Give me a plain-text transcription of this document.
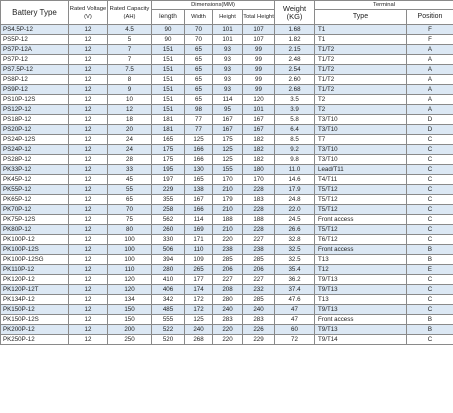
Battery Type	Rated Voltage (V)	Rated Capacity (AH)	Dimensions(MM)				Weight (KG)	Terminal	
			length	Width	Height	Total Height		Type	Position
PS4.5P-12	12	4.5	90	70	101	107	1.68	T1	F
PS5P-12	12	5	90	70	101	107	1.82	T1	F
PS7P-12A	12	7	151	65	93	99	2.15	T1/T2	A
PS7P-12	12	7	151	65	93	99	2.48	T1/T2	A
PS7.5P-12	12	7.5	151	65	93	99	2.54	T1/T2	A
PS8P-12	12	8	151	65	93	99	2.60	T1/T2	A
PS9P-12	12	9	151	65	93	99	2.68	T1/T2	A
PS10P-12S	12	10	151	65	114	120	3.5	T2	A
PS12P-12	12	12	151	98	95	101	3.9	T2	A
PS18P-12	12	18	181	77	167	167	5.8	T3/T10	D
PS20P-12	12	20	181	77	167	167	6.4	T3/T10	D
PS24P-12S	12	24	165	125	175	182	8.5	T7	C
PS24P-12	12	24	175	166	125	182	9.2	T3/T10	C
PS28P-12	12	28	175	166	125	182	9.8	T3/T10	C
PK33P-12	12	33	195	130	155	180	11.0	Lead/T11	C
PK45P-12	12	45	197	165	170	170	14.6	T4/T11	C
PK55P-12	12	55	229	138	210	228	17.9	T5/T12	C
PK65P-12	12	65	355	167	179	183	24.8	T5/T12	C
PK70P-12	12	70	258	166	210	228	22.0	T5/T12	C
PK75P-12S	12	75	562	114	188	188	24.5	Front access	C
PK80P-12	12	80	260	169	210	228	26.6	T5/T12	C
PK100P-12	12	100	330	171	220	227	32.8	T6/T12	C
PK100P-12S	12	100	506	110	238	238	32.5	Front access	B
PK100P-12SG	12	100	394	109	285	285	32.5	T13	B
PK110P-12	12	110	280	265	206	206	35.4	T12	E
PK120P-12	12	120	410	177	227	227	36.2	T9/T13	C
PK120P-12T	12	120	406	174	208	232	37.4	T9/T13	C
PK134P-12	12	134	342	172	280	285	47.6	T13	C
PK150P-12	12	150	485	172	240	240	47	T9/T13	C
PK150P-12S	12	150	555	125	283	283	47	Front access	B
PK200P-12	12	200	522	240	220	226	60	T9/T13	B
PK250P-12	12	250	520	268	220	229	72	T9/T14	C
